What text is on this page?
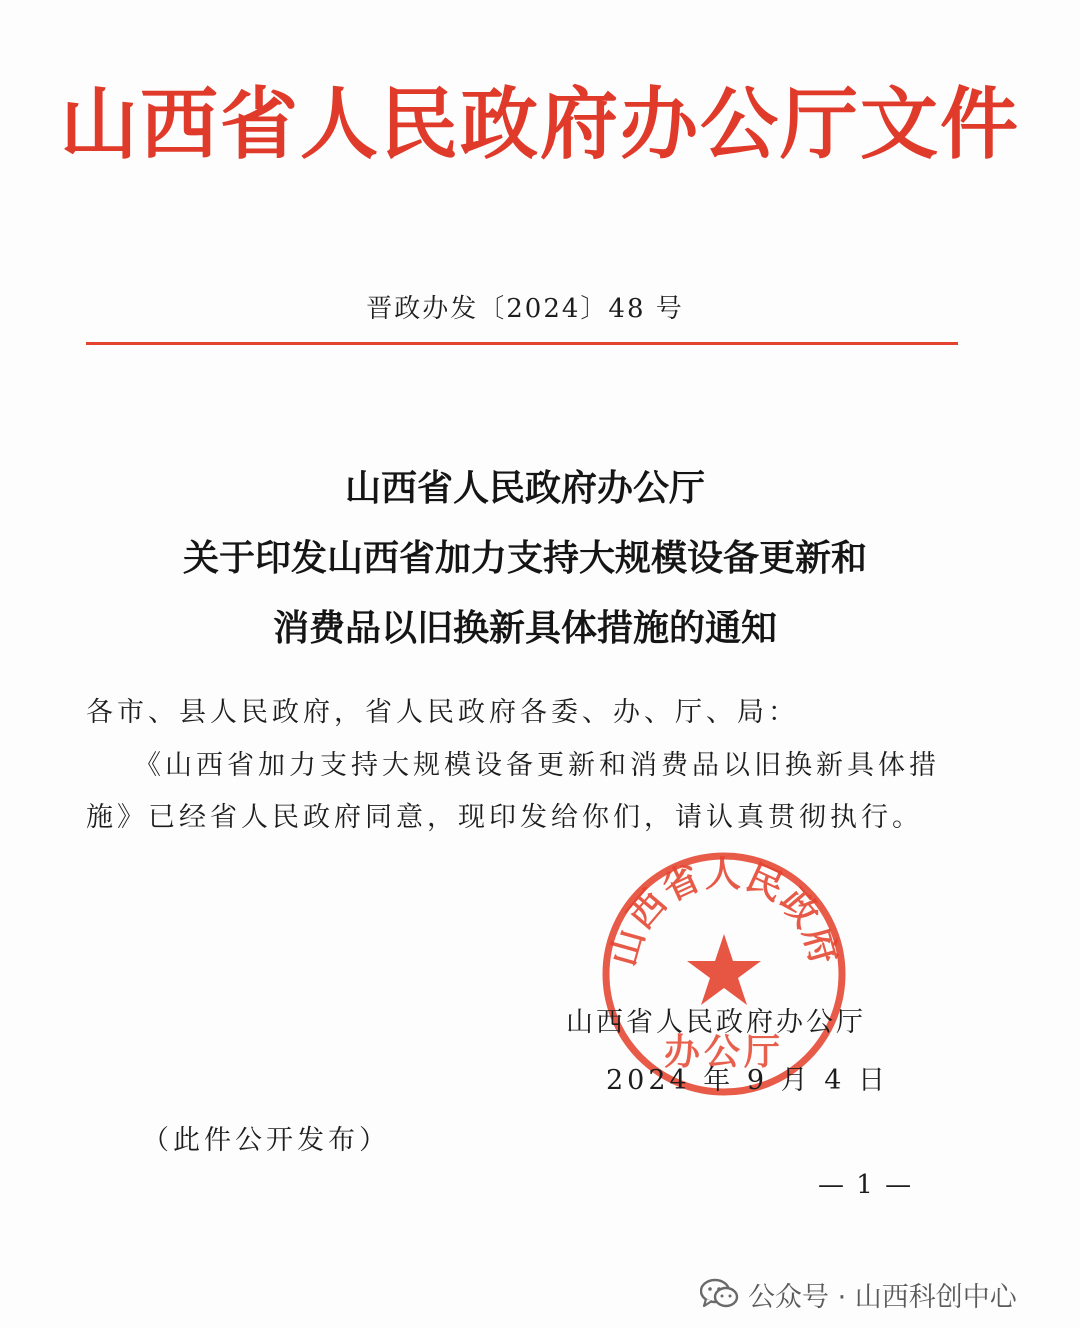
山西省人民政府办公厅文件
晋政办发〔2024〕48 号
山西省人民政府办公厅
关于印发山西省加力支持大规模设备更新和
消费品以旧换新具体措施的通知
各市、县人民政府，省人民政府各委、办、厅、局：
《山西省加力支持大规模设备更新和消费品以旧换新具体措
施》已经省人民政府同意，现印发给你们，请认真贯彻执行。
山西省人民政府
办公厅
山西省人民政府办公厅
2024 年 9 月 4 日
（此件公开发布）
— 1 —
公众号 · 山西科创中心
